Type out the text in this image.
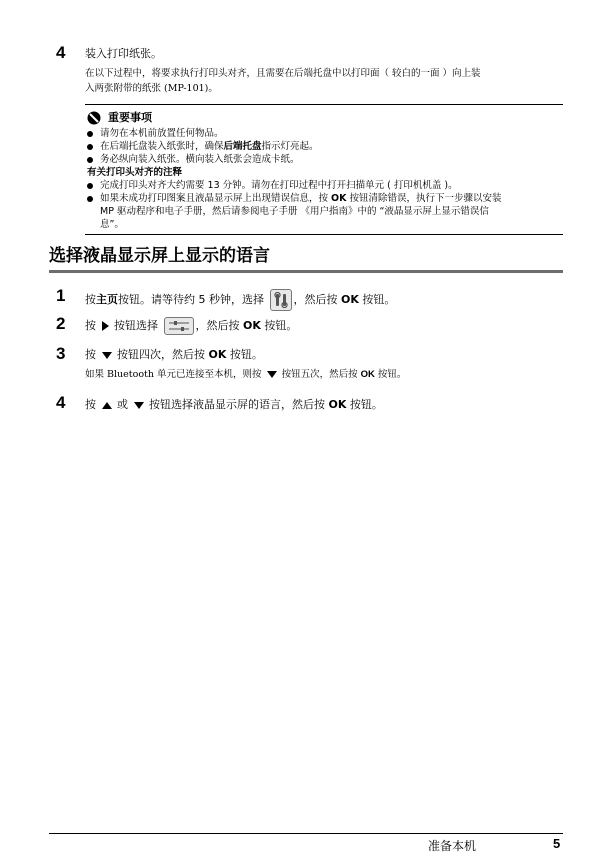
4 装入打印纸张。
在以下过程中，将要求执行打印头对齐，且需要在后端托盘中以打印面（ 较白的一面 ）向上装
入两张附带的纸张 (MP-101)。
重要事项
请勿在本机前放置任何物品。
在后端托盘装入纸张时，确保后端托盘指示灯亮起。
务必纵向装入纸张。横向装入纸张会造成卡纸。
有关打印头对齐的注释
完成打印头对齐大约需要 13 分钟。请勿在打印过程中打开扫描单元 ( 打印机机盖 )。
如果未成功打印图案且液晶显示屏上出现错误信息，按 OK 按钮清除错误，执行下一步骤以安装
MP 驱动程序和电子手册，然后请参阅电子手册 《用户指南》中的 “液晶显示屏上显示错误信
息”。
选择液晶显示屏上显示的语言
1 按主页按钮。请等待约 5 秒钟，选择	，然后按 OK 按钮。
2 按 按钮选择	，然后按 OK 按钮。
3 按 按钮四次，然后按 OK 按钮。
如果 Bluetooth 单元已连接至本机，则按 按钮五次，然后按 OK 按钮。
4 按 或 按钮选择液晶显示屏的语言，然后按 OK 按钮。
准备本机	5
